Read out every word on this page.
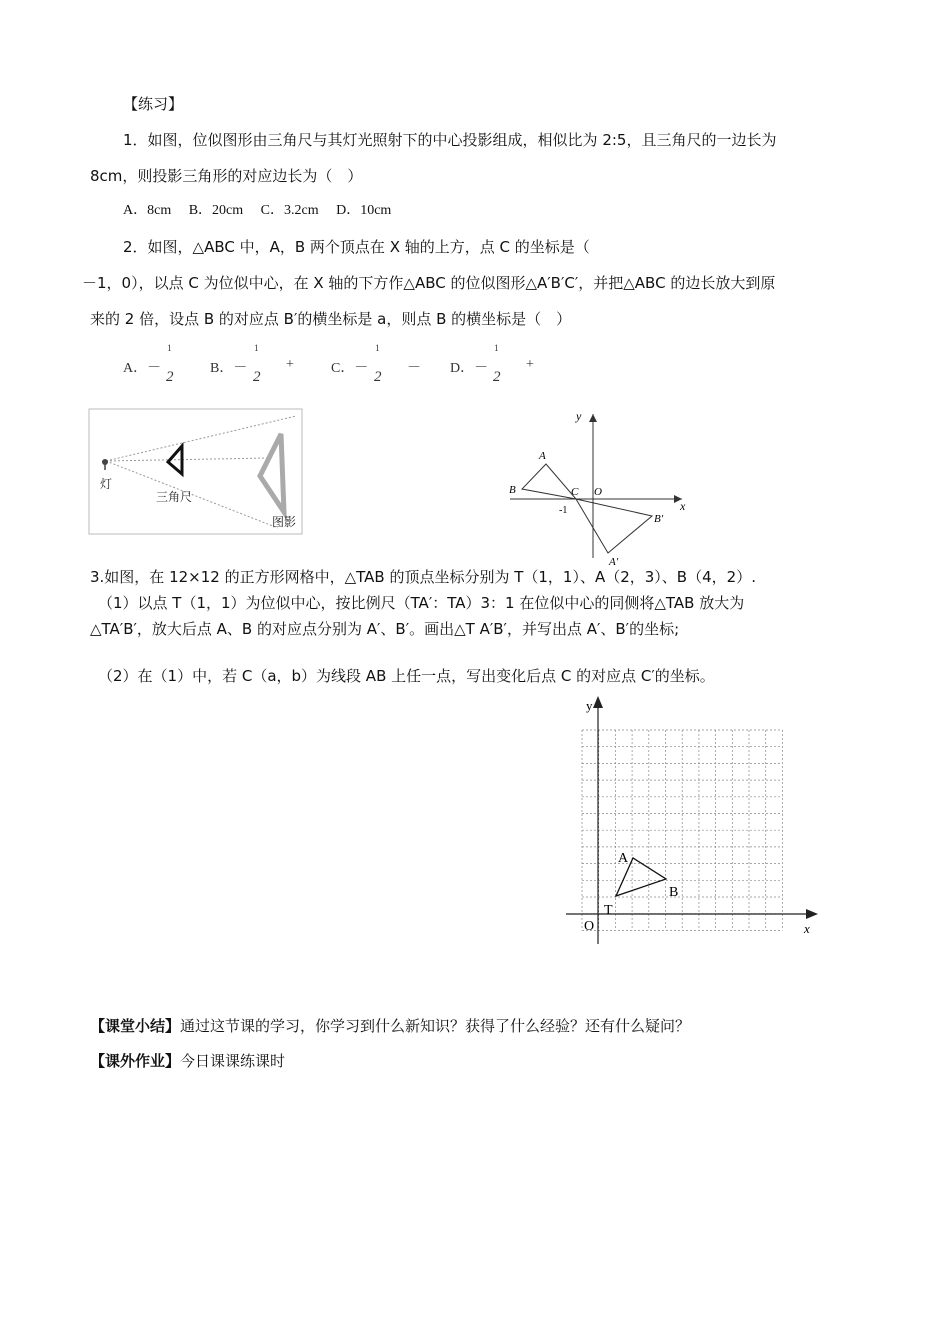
【练习】
1．如图，位似图形由三角尺与其灯光照射下的中心投影组成，相似比为 2:5，且三角尺的一边长为
8cm，则投影三角形的对应边长为（　）
A．8cm　 B．20cm　 C．3.2cm　 D．10cm
2．如图，△ABC 中，A，B 两个顶点在 X 轴的上方，点 C 的坐标是（
－1，0），以点 C 为位似中心，在 X 轴的下方作△ABC 的位似图形△A′B′C′，并把△ABC 的边长放大到原
来的 2 倍，设点 B 的对应点 B′的横坐标是 a，则点 B 的横坐标是（　）
A．－
1
2
B．－
1
2
+	C．－
1
2
－ D．－
1
2
+
灯
三角尺
图影
y
x
A
B	C O
-1
B′
A′
3.如图，在 12×12 的正方形网格中，△TAB 的顶点坐标分别为 T（1，1）、A（2，3）、B（4，2）.
（1）以点 T（1，1）为位似中心，按比例尺（TA′：TA）3：1 在位似中心的同侧将△TAB 放大为
△TA′B′，放大后点 A、B 的对应点分别为 A′、B′。画出△T A′B′，并写出点 A′、B′的坐标;
（2）在（1）中，若 C（a，b）为线段 AB 上任一点，写出变化后点 C 的对应点 C′的坐标。
y
x
A
B
T
O
【课堂小结】通过这节课的学习，你学习到什么新知识？获得了什么经验？还有什么疑问？
【课外作业】今日课课练课时
